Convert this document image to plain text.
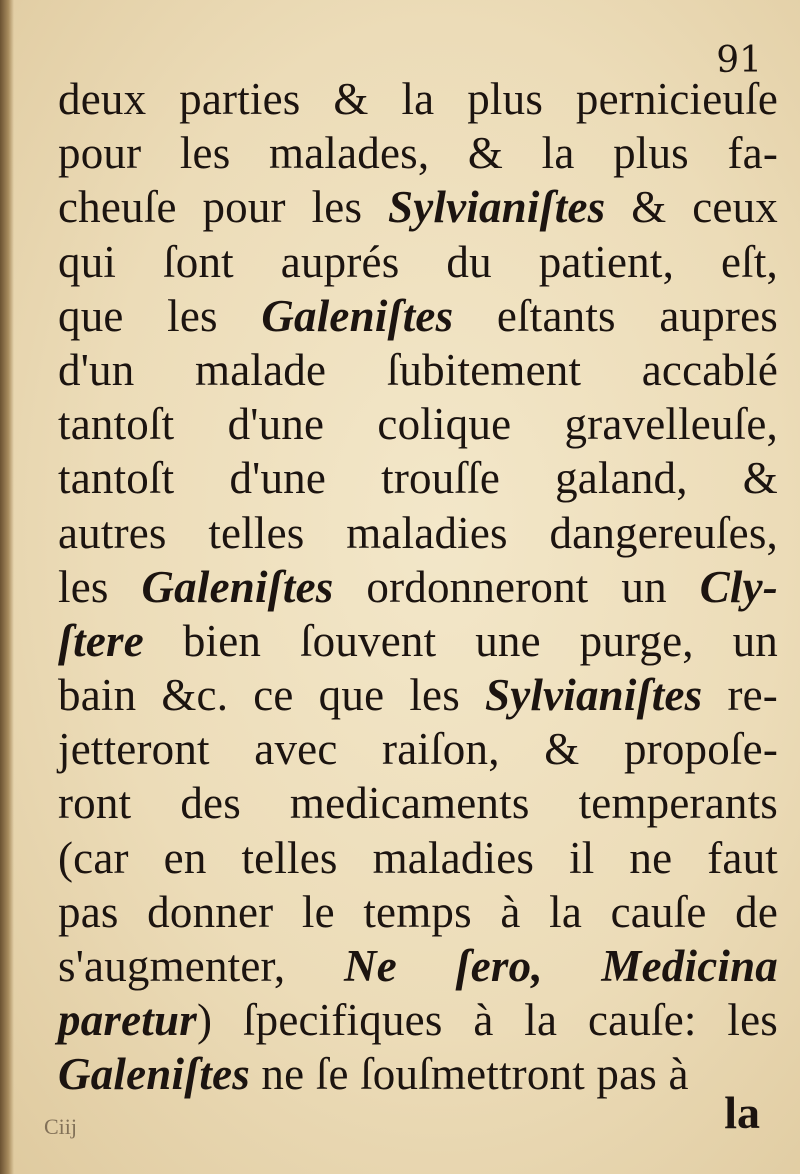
91
deux parties & la plus pernicieuſe
pour les malades, & la plus fa-
cheuſe pour les Sylvianiſtes & ceux
qui ſont auprés du patient, eſt,
que les Galeniſtes eſtants aupres
d'un malade ſubitement accablé
tantoſt d'une colique gravelleuſe,
tantoſt d'une trouſſe galand, &
autres telles maladies dangereuſes,
les Galeniſtes ordonneront un Cly-
ſtere bien ſouvent une purge, un
bain &c. ce que les Sylvianiſtes re-
jetteront avec raiſon, & propoſe-
ront des medicaments temperants
(car en telles maladies il ne faut
pas donner le temps à la cauſe de
s'augmenter, Ne ſero, Medicina
paretur) ſpecifiques à la cauſe: les
Galeniſtes ne ſe ſouſmettront pas à
la
Ciij
